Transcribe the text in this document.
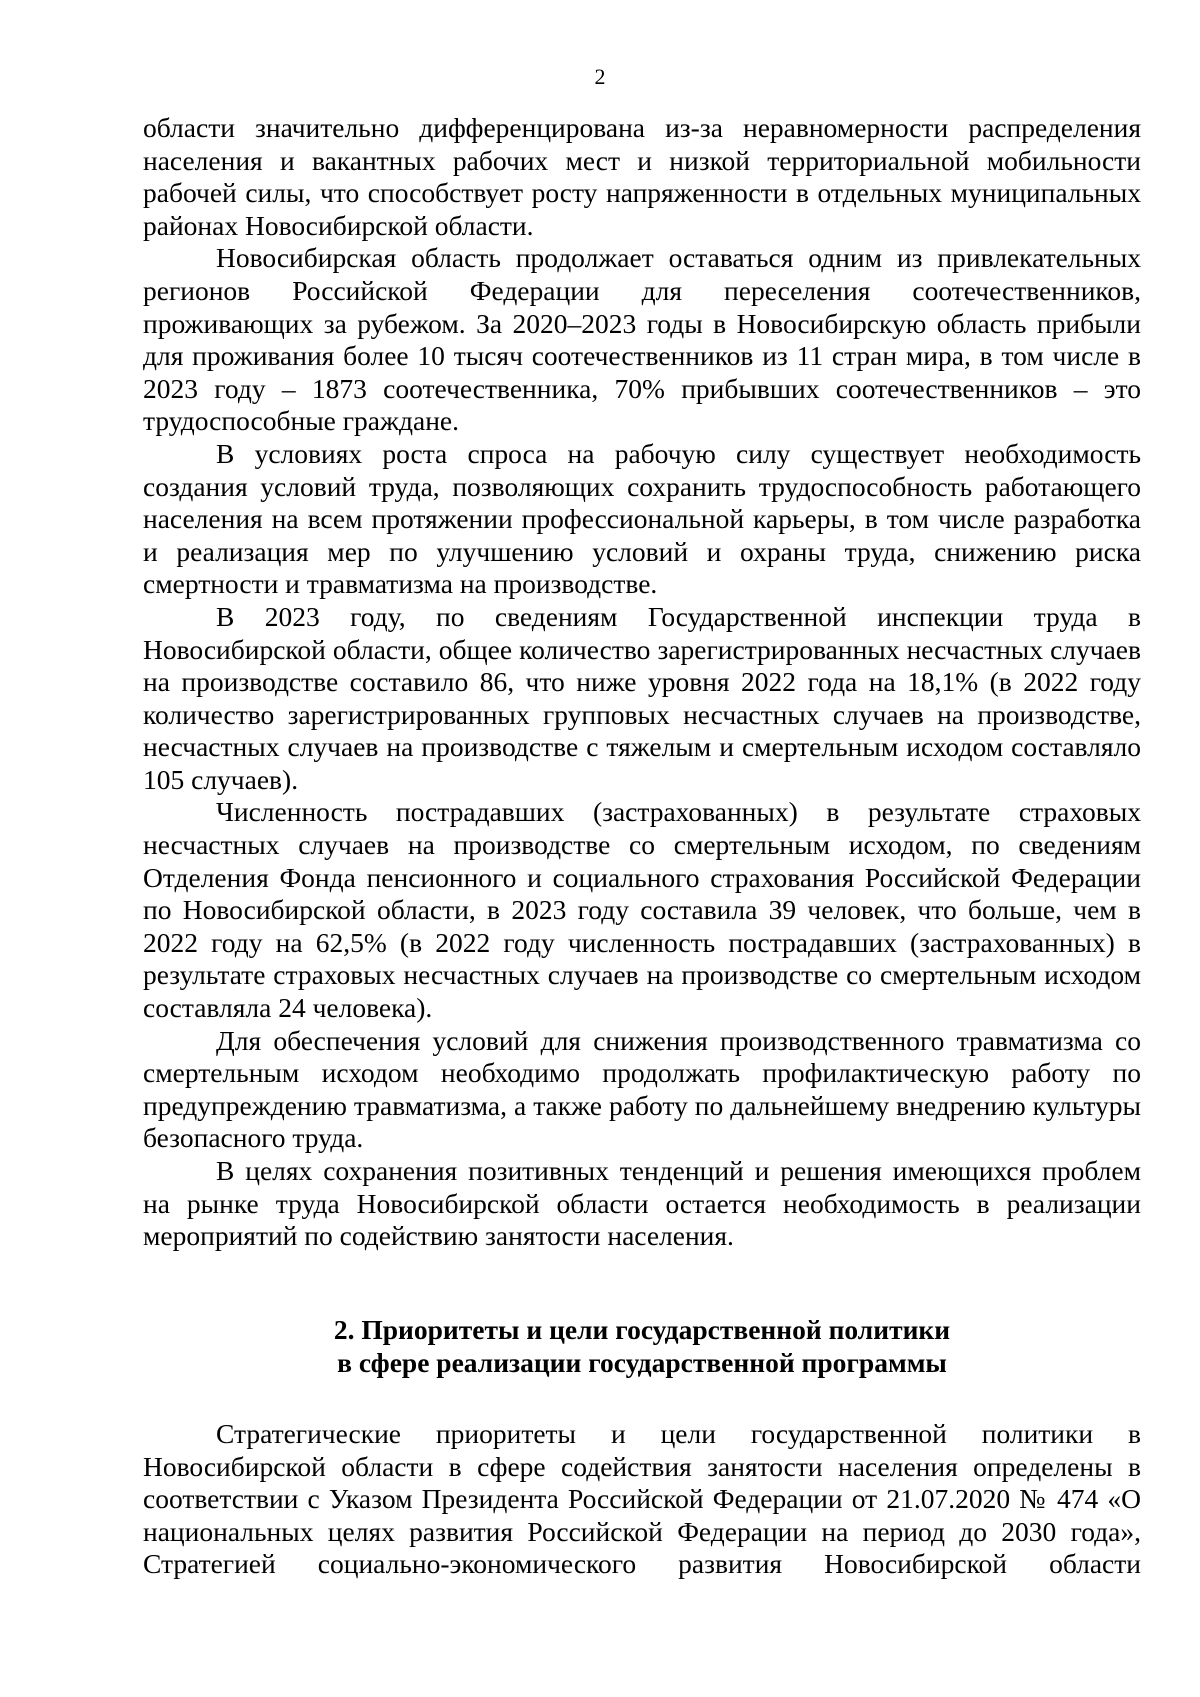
2

области значительно дифференцирована из-за неравномерности распределения населения и вакантных рабочих мест и низкой территориальной мобильности рабочей силы, что способствует росту напряженности в отдельных муниципальных районах Новосибирской области.

Новосибирская область продолжает оставаться одним из привлекательных регионов Российской Федерации для переселения соотечественников, проживающих за рубежом. За 2020–2023 годы в Новосибирскую область прибыли для проживания более 10 тысяч соотечественников из 11 стран мира, в том числе в 2023 году – 1873 соотечественника, 70% прибывших соотечественников – это трудоспособные граждане.

В условиях роста спроса на рабочую силу существует необходимость создания условий труда, позволяющих сохранить трудоспособность работающего населения на всем протяжении профессиональной карьеры, в том числе разработка и реализация мер по улучшению условий и охраны труда, снижению риска смертности и травматизма на производстве.

В 2023 году, по сведениям Государственной инспекции труда в Новосибирской области, общее количество зарегистрированных несчастных случаев на производстве составило 86, что ниже уровня 2022 года на 18,1% (в 2022 году количество зарегистрированных групповых несчастных случаев на производстве, несчастных случаев на производстве с тяжелым и смертельным исходом составляло 105 случаев).

Численность пострадавших (застрахованных) в результате страховых несчастных случаев на производстве со смертельным исходом, по сведениям Отделения Фонда пенсионного и социального страхования Российской Федерации по Новосибирской области, в 2023 году составила 39 человек, что больше, чем в 2022 году на 62,5% (в 2022 году численность пострадавших (застрахованных) в результате страховых несчастных случаев на производстве со смертельным исходом составляла 24 человека).

Для обеспечения условий для снижения производственного травматизма со смертельным исходом необходимо продолжать профилактическую работу по предупреждению травматизма, а также работу по дальнейшему внедрению культуры безопасного труда.

В целях сохранения позитивных тенденций и решения имеющихся проблем на рынке труда Новосибирской области остается необходимость в реализации мероприятий по содействию занятости населения.

2. Приоритеты и цели государственной политики
в сфере реализации государственной программы

Стратегические приоритеты и цели государственной политики в Новосибирской области в сфере содействия занятости населения определены в соответствии с Указом Президента Российской Федерации от 21.07.2020 № 474 «О национальных целях развития Российской Федерации на период до 2030 года», Стратегией социально-экономического развития Новосибирской области
